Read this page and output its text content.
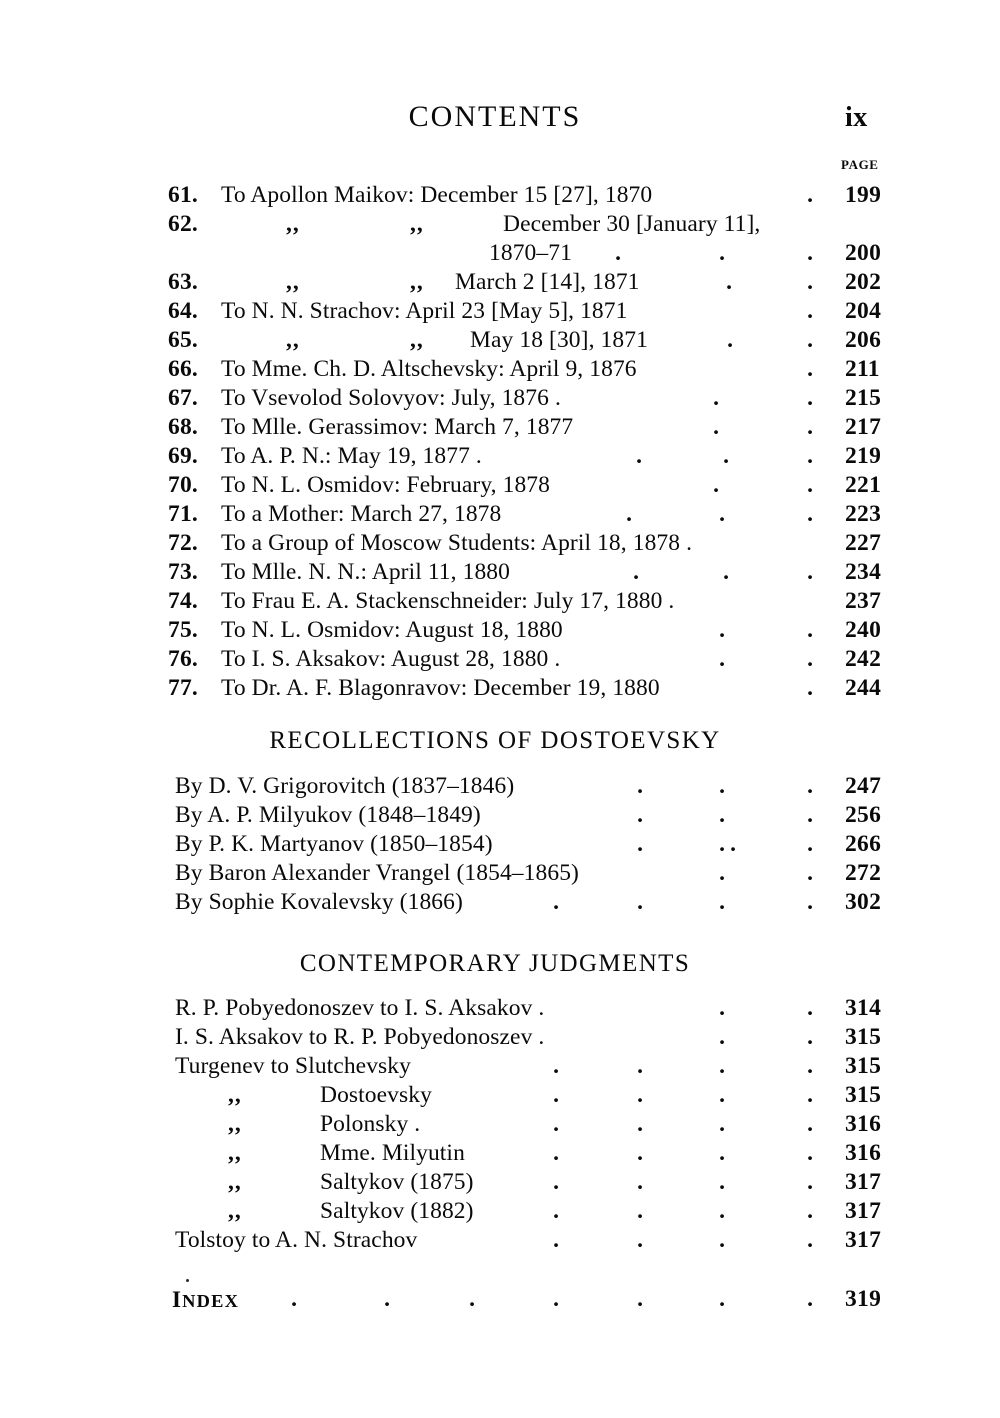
CONTENTS	ix
PAGE
61. To Apollon Maikov: December 15 [27], 1870	. 199
62.	,,	,,	December 30 [January 11],
1870–71 .	.	. 200
63.	,,	,, March 2 [14], 1871	.	. 202
64. To N. N. Strachov: April 23 [May 5], 1871	. 204
65.	,,	,, May 18 [30], 1871	.	. 206
66. To Mme. Ch. D. Altschevsky: April 9, 1876	. 211
67. To Vsevolod Solovyov: July, 1876 .	.	. 215
68. To Mlle. Gerassimov: March 7, 1877	.	. 217
69. To A. P. N.: May 19, 1877 .	.	.	. 219
70. To N. L. Osmidov: February, 1878	.	. 221
71. To a Mother: March 27, 1878	.	.	. 223
72. To a Group of Moscow Students: April 18, 1878 .	227
73. To Mlle. N. N.: April 11, 1880	.	.	. 234
74. To Frau E. A. Stackenschneider: July 17, 1880 .	237
75. To N. L. Osmidov: August 18, 1880	.	. 240
76. To I. S. Aksakov: August 28, 1880 .	.	. 242
77. To Dr. A. F. Blagonravov: December 19, 1880	. 244
RECOLLECTIONS OF DOSTOEVSKY
By D. V. Grigorovitch (1837–1846)	.	.	. 247
By A. P. Milyukov (1848–1849)	.	.	. 256
By P. K. Martyanov (1850–1854)	.	. .	. 266
By Baron Alexander Vrangel (1854–1865)	.	. 272
By Sophie Kovalevsky (1866)	.	.	.	. 302
CONTEMPORARY JUDGMENTS
R. P. Pobyedonoszev to I. S. Aksakov .	.	. 314
I. S. Aksakov to R. P. Pobyedonoszev .	.	. 315
Turgenev to Slutchevsky	.	.	.	. 315
,,	Dostoevsky	.	.	.	. 315
,,	Polonsky .	.	.	.	. 316
,,	Mme. Milyutin	.	.	.	. 316
,,	Saltykov (1875)	.	.	.	. 317
,,	Saltykov (1882)	.	.	.	. 317
Tolstoy to A. N. Strachov	.	.	.	. 317
INDEX	319
.	.	.	.	.	.	.
